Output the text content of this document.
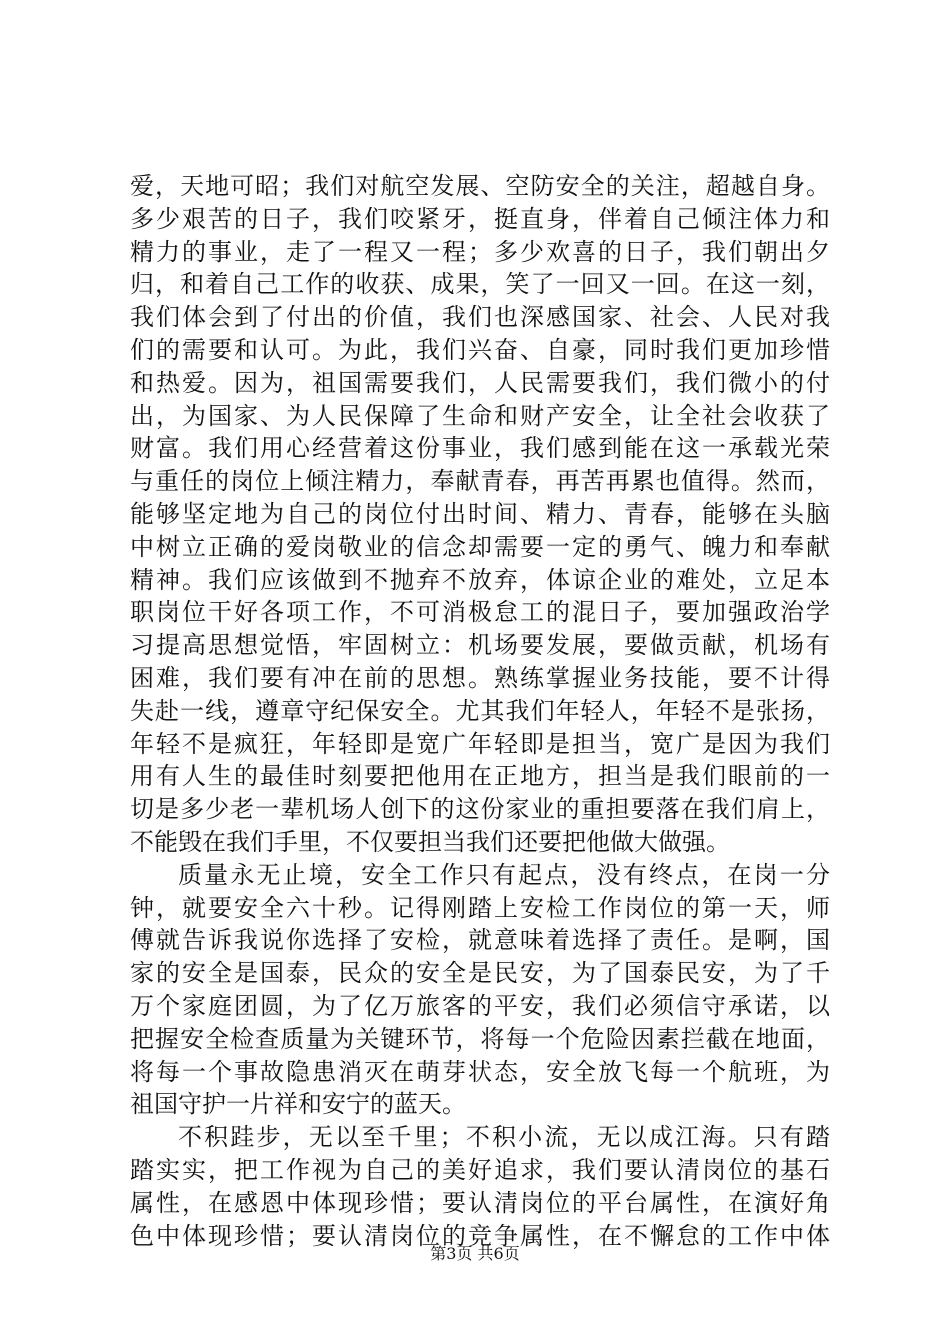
爱，天地可昭；我们对航空发展、空防安全的关注，超越自身。
多少艰苦的日子，我们咬紧牙，挺直身，伴着自己倾注体力和
精力的事业，走了一程又一程；多少欢喜的日子，我们朝出夕
归，和着自己工作的收获、成果，笑了一回又一回。在这一刻，
我们体会到了付出的价值，我们也深感国家、社会、人民对我
们的需要和认可。为此，我们兴奋、自豪，同时我们更加珍惜
和热爱。因为，祖国需要我们，人民需要我们，我们微小的付
出，为国家、为人民保障了生命和财产安全，让全社会收获了
财富。我们用心经营着这份事业，我们感到能在这一承载光荣
与重任的岗位上倾注精力，奉献青春，再苦再累也值得。然而，
能够坚定地为自己的岗位付出时间、精力、青春，能够在头脑
中树立正确的爱岗敬业的信念却需要一定的勇气、魄力和奉献
精神。我们应该做到不抛弃不放弃，体谅企业的难处，立足本
职岗位干好各项工作，不可消极怠工的混日子，要加强政治学
习提高思想觉悟，牢固树立：机场要发展，要做贡献，机场有
困难，我们要有冲在前的思想。熟练掌握业务技能，要不计得
失赴一线，遵章守纪保安全。尤其我们年轻人，年轻不是张扬，
年轻不是疯狂，年轻即是宽广年轻即是担当，宽广是因为我们
用有人生的最佳时刻要把他用在正地方，担当是我们眼前的一
切是多少老一辈机场人创下的这份家业的重担要落在我们肩上，
不能毁在我们手里，不仅要担当我们还要把他做大做强。
质量永无止境，安全工作只有起点，没有终点，在岗一分
钟，就要安全六十秒。记得刚踏上安检工作岗位的第一天，师
傅就告诉我说你选择了安检，就意味着选择了责任。是啊，国
家的安全是国泰，民众的安全是民安，为了国泰民安，为了千
万个家庭团圆，为了亿万旅客的平安，我们必须信守承诺，以
把握安全检查质量为关键环节，将每一个危险因素拦截在地面，
将每一个事故隐患消灭在萌芽状态，安全放飞每一个航班，为
祖国守护一片祥和安宁的蓝天。
不积跬步，无以至千里；不积小流，无以成江海。只有踏
踏实实，把工作视为自己的美好追求，我们要认清岗位的基石
属性，在感恩中体现珍惜；要认清岗位的平台属性，在演好角
色中体现珍惜；要认清岗位的竞争属性，在不懈怠的工作中体
第3页 共6页
